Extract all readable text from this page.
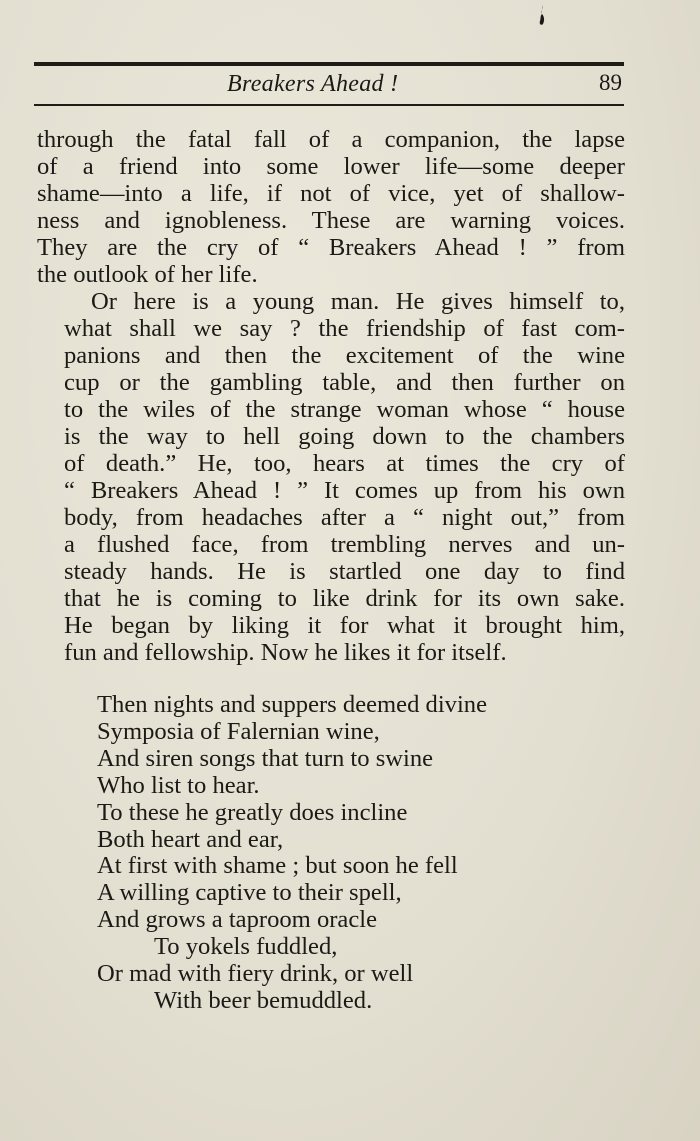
Breakers Ahead !	89

through the fatal fall of a companion, the lapse
of a friend into some lower life—some deeper
shame—into a life, if not of vice, yet of shallow-
ness and ignobleness. These are warning voices.
They are the cry of “ Breakers Ahead ! ” from
the outlook of her life.

Or here is a young man. He gives himself to,
what shall we say ? the friendship of fast com-
panions and then the excitement of the wine
cup or the gambling table, and then further on
to the wiles of the strange woman whose “ house
is the way to hell going down to the chambers
of death.” He, too, hears at times the cry of
“ Breakers Ahead ! ” It comes up from his own
body, from headaches after a “ night out,” from
a flushed face, from trembling nerves and un-
steady hands. He is startled one day to find
that he is coming to like drink for its own sake.
He began by liking it for what it brought him,
fun and fellowship. Now he likes it for itself.

Then nights and suppers deemed divine
Symposia of Falernian wine,
And siren songs that turn to swine
Who list to hear.
To these he greatly does incline
Both heart and ear,
At first with shame ; but soon he fell
A willing captive to their spell,
And grows a taproom oracle
To yokels fuddled,
Or mad with fiery drink, or well
With beer bemuddled.
